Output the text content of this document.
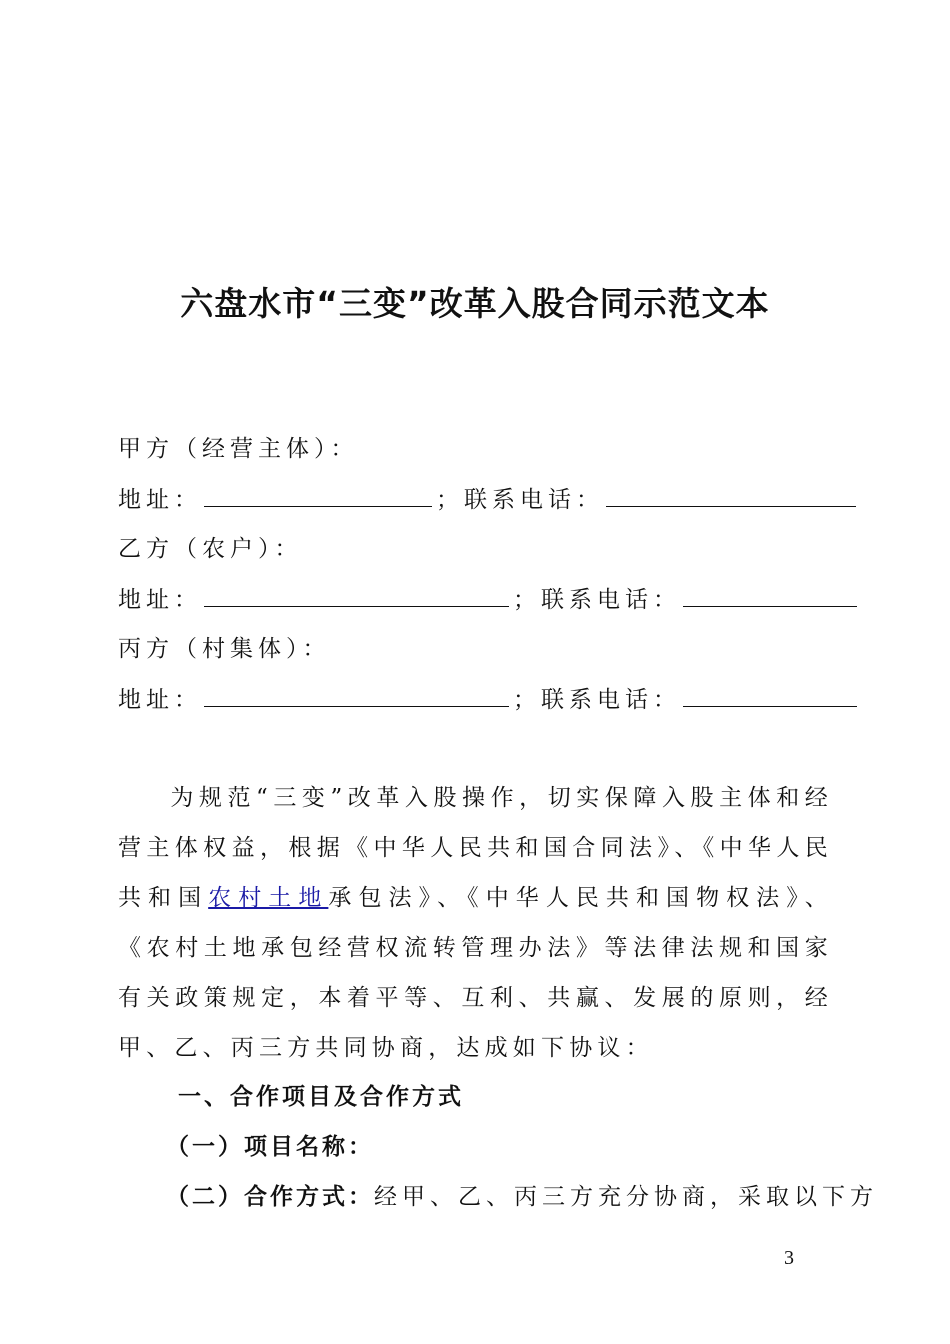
六盘水市“三变”改革入股合同示范文本
甲方（经营主体）：
地址：	；联系电话：
乙方（农户）：
地址：	；联系电话：
丙方（村集体）：
地址：	；联系电话：
为规范“三变”改革入股操作，切实保障入股主体和经营主体权益，根据《中华人民共和国合同法》、《中华人民共和国农村土地承包法》、《中华人民共和国物权法》、《农村土地承包经营权流转管理办法》等法律法规和国家有关政策规定，本着平等、互利、共赢、发展的原则，经甲、乙、丙三方共同协商，达成如下协议：
一、合作项目及合作方式
（一）项目名称：
（二）合作方式：经甲、乙、丙三方充分协商，采取以下方
3
